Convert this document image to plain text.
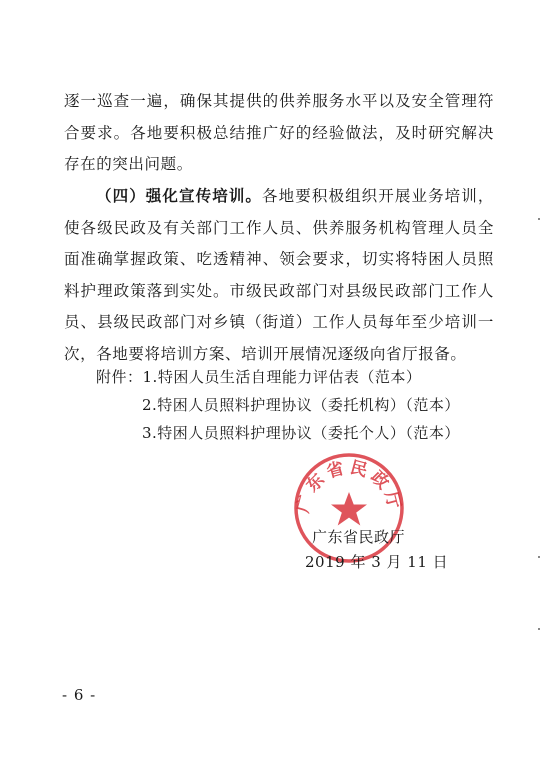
逐一巡查一遍，确保其提供的供养服务水平以及安全管理符合要求。各地要积极总结推广好的经验做法，及时研究解决存在的突出问题。

（四）强化宣传培训。各地要积极组织开展业务培训，使各级民政及有关部门工作人员、供养服务机构管理人员全面准确掌握政策、吃透精神、领会要求，切实将特困人员照料护理政策落到实处。市级民政部门对县级民政部门工作人员、县级民政部门对乡镇（街道）工作人员每年至少培训一次，各地要将培训方案、培训开展情况逐级向省厅报备。

附件：1.特困人员生活自理能力评估表（范本）
2.特困人员照料护理协议（委托机构）（范本）
3.特困人员照料护理协议（委托个人）（范本）
广东省民政厅
广东省民政厅
2019 年 3 月 11 日
- 6 -
